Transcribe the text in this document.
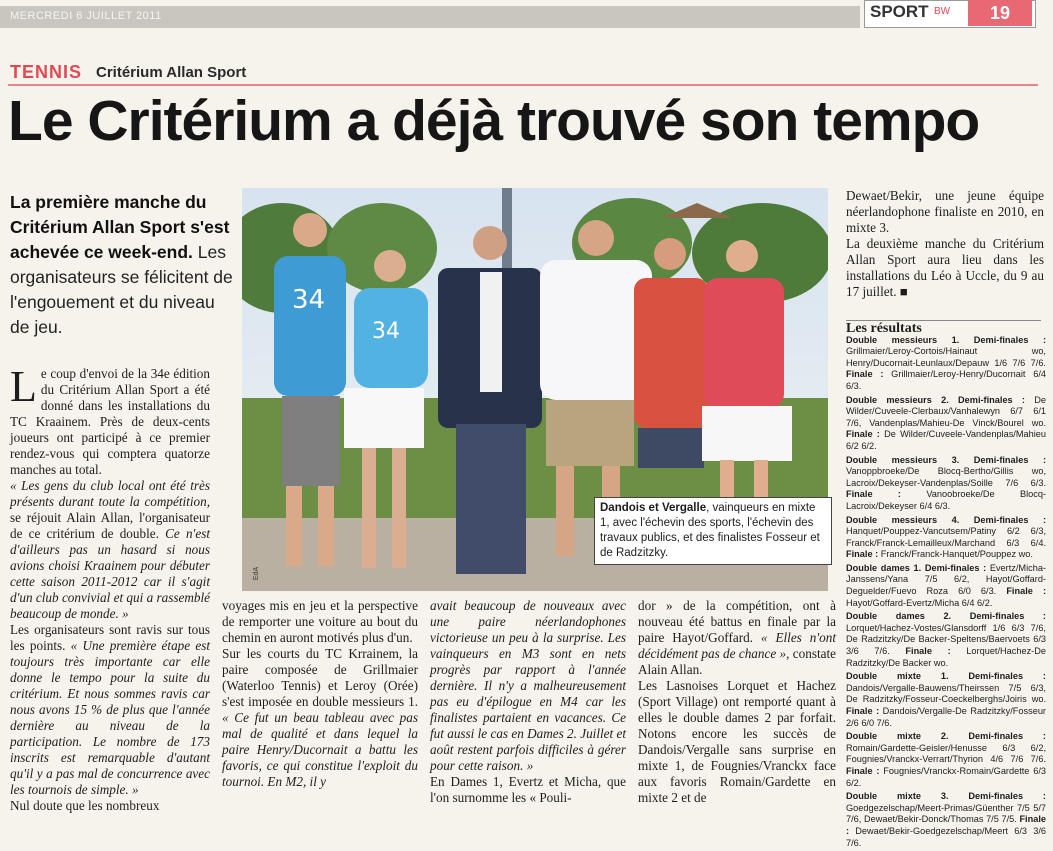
MERCREDI 6 JUILLET 2011	SPORT BW	19
TENNIS Critérium Allan Sport
Le Critérium a déjà trouvé son tempo
La première manche du Critérium Allan Sport s'est achevée ce week-end. Les organisateurs se félicitent de l'engouement et du niveau de jeu.
34
34
EdA
Dandois et Vergalle, vainqueurs en mixte 1, avec l'échevin des sports, l'échevin des travaux publics, et des finalistes Fosseur et de Radzitzky.

Le coup d'envoi de la 34e édition du Critérium Allan Sport a été donné dans les installations du TC Kraainem. Près de deux-cents joueurs ont participé à ce premier rendez-vous qui comptera quatorze manches au total.

« Les gens du club local ont été très présents durant toute la compétition, se réjouit Alain Allan, l'organisateur de ce critérium de double. Ce n'est d'ailleurs pas un hasard si nous avions choisi Kraainem pour débuter cette saison 2011-2012 car il s'agit d'un club convivial et qui a rassemblé beaucoup de monde. »

Les organisateurs sont ravis sur tous les points. « Une première étape est toujours très importante car elle donne le tempo pour la suite du critérium. Et nous sommes ravis car nous avons 15 % de plus que l'année dernière au niveau de la participation. Le nombre de 173 inscrits est remarquable d'autant qu'il y a pas mal de concurrence avec les tournois de simple. »

Nul doute que les nombreux

voyages mis en jeu et la perspective de remporter une voiture au bout du chemin en auront motivés plus d'un.

Sur les courts du TC Krrainem, la paire composée de Grillmaier (Waterloo Tennis) et Leroy (Orée) s'est imposée en double messieurs 1. « Ce fut un beau tableau avec pas mal de qualité et dans lequel la paire Henry/Ducornait a battu les favoris, ce qui constitue l'exploit du tournoi. En M2, il y

avait beaucoup de nouveaux avec une paire néerlandophones victorieuse un peu à la surprise. Les vainqueurs en M3 sont en nets progrès par rapport à l'année dernière. Il n'y a malheureusement pas eu d'épilogue en M4 car les finalistes partaient en vacances. Ce fut aussi le cas en Dames 2. Juillet et août restent parfois difficiles à gérer pour cette raison. »

En Dames 1, Evertz et Micha, que l'on surnomme les « Pouli-

dor » de la compétition, ont à nouveau été battus en finale par la paire Hayot/Goffard. « Elles n'ont décidément pas de chance », constate Alain Allan.

Les Lasnoises Lorquet et Hachez (Sport Village) ont remporté quant à elles le double dames 2 par forfait. Notons encore les succès de Dandois/Vergalle sans surprise en mixte 1, de Fougnies/Vranckx face aux favoris Romain/Gardette en mixte 2 et de

Dewaet/Bekir, une jeune équipe néerlandophone finaliste en 2010, en mixte 3.

La deuxième manche du Critérium Allan Sport aura lieu dans les installations du Léo à Uccle, du 9 au 17 juillet. ■

Les résultats

Double messieurs 1. Demi-finales : Grillmaier/Leroy-Cortois/Hainaut wo, Henry/Ducornait-Leunlaux/Depauw 1/6 7/6 7/6. Finale : Grillmaier/Leroy-Henry/Ducornait 6/4 6/3.

Double messieurs 2. Demi-finales : De Wilder/Cuveele-Clerbaux/Vanhalewyn 6/7 6/1 7/6, Vandenplas/Mahieu-De Vinck/Bourel wo. Finale : De Wilder/Cuveele-Vandenplas/Mahieu 6/2 6/2.

Double messieurs 3. Demi-finales : Vanoppbroeke/De Blocq-Bertho/Gillis wo, Lacroix/Dekeyser-Vandenplas/Soille 7/6 6/3. Finale : Vanoobroeke/De Blocq-Lacroix/Dekeyser 6/4 6/3.

Double messieurs 4. Demi-finales : Hanquet/Pouppez-Vancutsem/Patiny 6/2 6/3, Franck/Franck-Lemailleux/Marchand 6/3 6/4. Finale : Franck/Franck-Hanquet/Pouppez wo.

Double dames 1. Demi-finales : Evertz/Micha-Janssens/Yana 7/5 6/2, Hayot/Goffard-Deguelder/Fuevo Roza 6/0 6/3. Finale : Hayot/Goffard-Evertz/Micha 6/4 6/2.

Double dames 2. Demi-finales : Lorquet/Hachez-Vostes/Glansdorff 1/6 6/3 7/6, De Radzitzky/De Backer-Speltens/Baervoets 6/3 3/6 7/6. Finale : Lorquet/Hachez-De Radzitzky/De Backer wo.

Double mixte 1. Demi-finales : Dandois/Vergalle-Bauwens/Theirssen 7/5 6/3, De Radzitzky/Fosseur-Coeckelberghs/Joiris wo. Finale : Dandois/Vergalle-De Radzitzky/Fosseur 2/6 6/0 7/6.

Double mixte 2. Demi-finales : Romain/Gardette-Geisler/Henusse 6/3 6/2, Fougnies/Vranckx-Verrart/Thyrion 4/6 7/6 7/6. Finale : Fougnies/Vranckx-Romain/Gardette 6/3 6/2.

Double mixte 3. Demi-finales : Goedgezelschap/Meert-Primas/Güenther 7/5 5/7 7/6, Dewaet/Bekir-Donck/Thomas 7/5 7/5. Finale : Dewaet/Bekir-Goedgezelschap/Meert 6/3 3/6 7/6.
